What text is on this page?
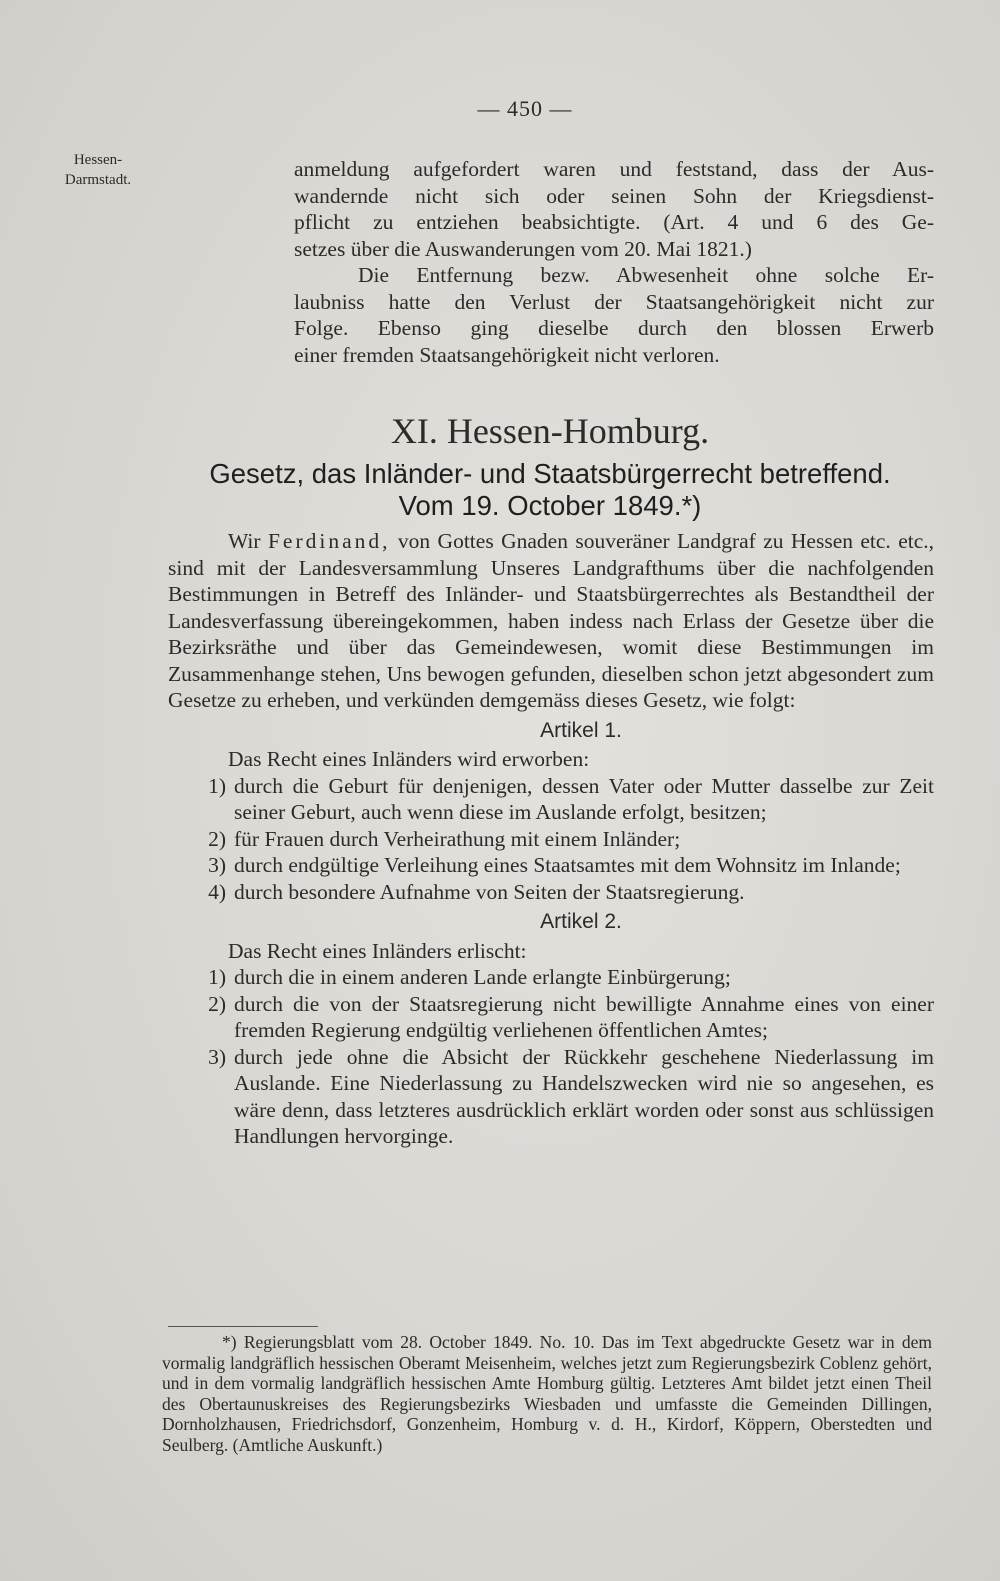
— 450 —
Hessen-
Darmstadt.	anmeldung aufgefordert waren und feststand, dass der Aus-
wandernde nicht sich oder seinen Sohn der Kriegsdienst-
pflicht zu entziehen beabsichtigte. (Art. 4 und 6 des Ge-
setzes über die Auswanderungen vom 20. Mai 1821.)
Die Entfernung bezw. Abwesenheit ohne solche Er-
laubniss hatte den Verlust der Staatsangehörigkeit nicht zur
Folge. Ebenso ging dieselbe durch den blossen Erwerb
einer fremden Staatsangehörigkeit nicht verloren.
XI. Hessen-Homburg.
Gesetz, das Inländer- und Staatsbürgerrecht betreffend.
Vom 19. October 1849.*)

Wir Ferdinand, von Gottes Gnaden souveräner Landgraf zu Hessen etc. etc., sind mit der Landesversammlung Unseres Landgrafthums über die nachfolgenden Bestimmungen in Betreff des Inländer- und Staatsbürgerrechtes als Bestandtheil der Landesverfassung übereingekommen, haben indess nach Erlass der Gesetze über die Bezirksräthe und über das Gemeindewesen, womit diese Bestimmungen im Zusammenhange stehen, Uns bewogen gefunden, dieselben schon jetzt abgesondert zum Gesetze zu erheben, und verkünden demgemäss dieses Gesetz, wie folgt:

Artikel 1.

Das Recht eines Inländers wird erworben:

1) durch die Geburt für denjenigen, dessen Vater oder Mutter dasselbe zur Zeit seiner Geburt, auch wenn diese im Auslande erfolgt, besitzen;
2) für Frauen durch Verheirathung mit einem Inländer;
3) durch endgültige Verleihung eines Staatsamtes mit dem Wohnsitz im Inlande;
4) durch besondere Aufnahme von Seiten der Staatsregierung.
Artikel 2.

Das Recht eines Inländers erlischt:

1) durch die in einem anderen Lande erlangte Einbürgerung;
2) durch die von der Staatsregierung nicht bewilligte Annahme eines von einer fremden Regierung endgültig verliehenen öffentlichen Amtes;
3) durch jede ohne die Absicht der Rückkehr geschehene Niederlassung im Auslande. Eine Niederlassung zu Handelszwecken wird nie so angesehen, es wäre denn, dass letzteres ausdrücklich erklärt worden oder sonst aus schlüssigen Handlungen hervorginge.

*) Regierungsblatt vom 28. October 1849. No. 10. Das im Text abgedruckte Gesetz war in dem vormalig landgräflich hessischen Oberamt Meisenheim, welches jetzt zum Regierungsbezirk Coblenz gehört, und in dem vormalig landgräflich hessischen Amte Homburg gültig. Letzteres Amt bildet jetzt einen Theil des Obertaunuskreises des Regierungsbezirks Wiesbaden und umfasste die Gemeinden Dillingen, Dornholzhausen, Friedrichsdorf, Gonzenheim, Homburg v. d. H., Kirdorf, Köppern, Oberstedten und Seulberg. (Amtliche Auskunft.)
